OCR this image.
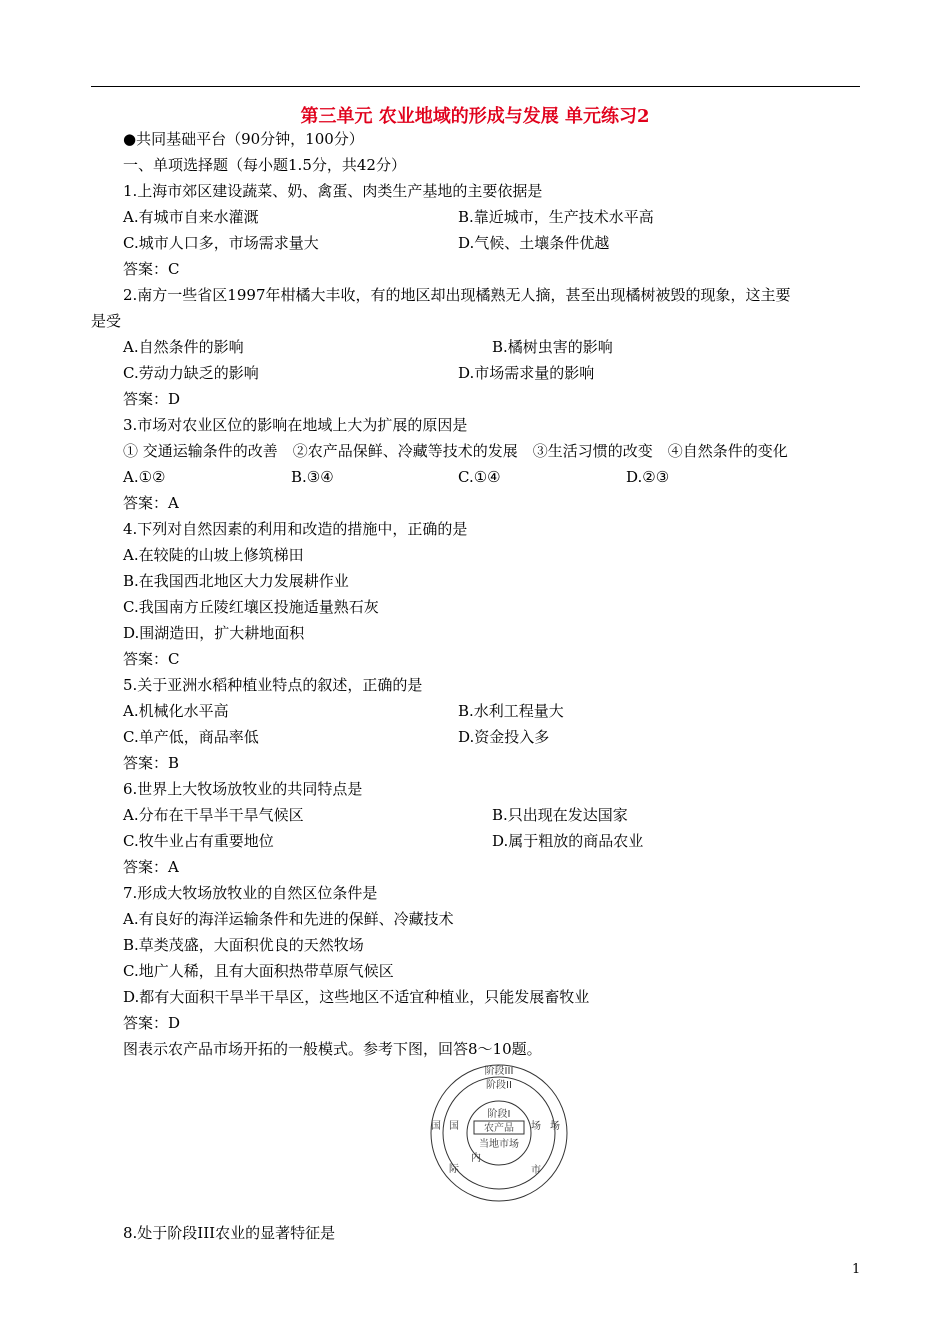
第三单元 农业地域的形成与发展 单元练习2
●共同基础平台（90分钟，100分）
一、单项选择题（每小题1.5分，共42分）
1.上海市郊区建设蔬菜、奶、禽蛋、肉类生产基地的主要依据是
A.有城市自来水灌溉	B.靠近城市，生产技术水平高
C.城市人口多，市场需求量大	D.气候、土壤条件优越
答案：C
2.南方一些省区1997年柑橘大丰收，有的地区却出现橘熟无人摘，甚至出现橘树被毁的现象，这主要
是受
A.自然条件的影响	B.橘树虫害的影响
C.劳动力缺乏的影响	D.市场需求量的影响
答案：D
3.市场对农业区位的影响在地域上大为扩展的原因是
① 交通运输条件的改善　②农产品保鲜、冷藏等技术的发展　③生活习惯的改变　④自然条件的变化
A.①②	B.③④	C.①④	D.②③
答案：A
4.下列对自然因素的利用和改造的措施中，正确的是
A.在较陡的山坡上修筑梯田
B.在我国西北地区大力发展耕作业
C.我国南方丘陵红壤区投施适量熟石灰
D.围湖造田，扩大耕地面积
答案：C
5.关于亚洲水稻种植业特点的叙述，正确的是
A.机械化水平高	B.水利工程量大
C.单产低，商品率低	D.资金投入多
答案：B
6.世界上大牧场放牧业的共同特点是
A.分布在干旱半干旱气候区	B.只出现在发达国家
C.牧牛业占有重要地位	D.属于粗放的商品农业
答案：A
7.形成大牧场放牧业的自然区位条件是
A.有良好的海洋运输条件和先进的保鲜、冷藏技术
B.草类茂盛，大面积优良的天然牧场
C.地广人稀，且有大面积热带草原气候区
D.都有大面积干旱半干旱区，这些地区不适宜种植业，只能发展畜牧业
答案：D
图表示农产品市场开拓的一般模式。参考下图，回答8～10题。
阶段III
阶段II
阶段I
农产品
当地市场
国 国
际
内
场 场
市
8.处于阶段III农业的显著特征是
1
